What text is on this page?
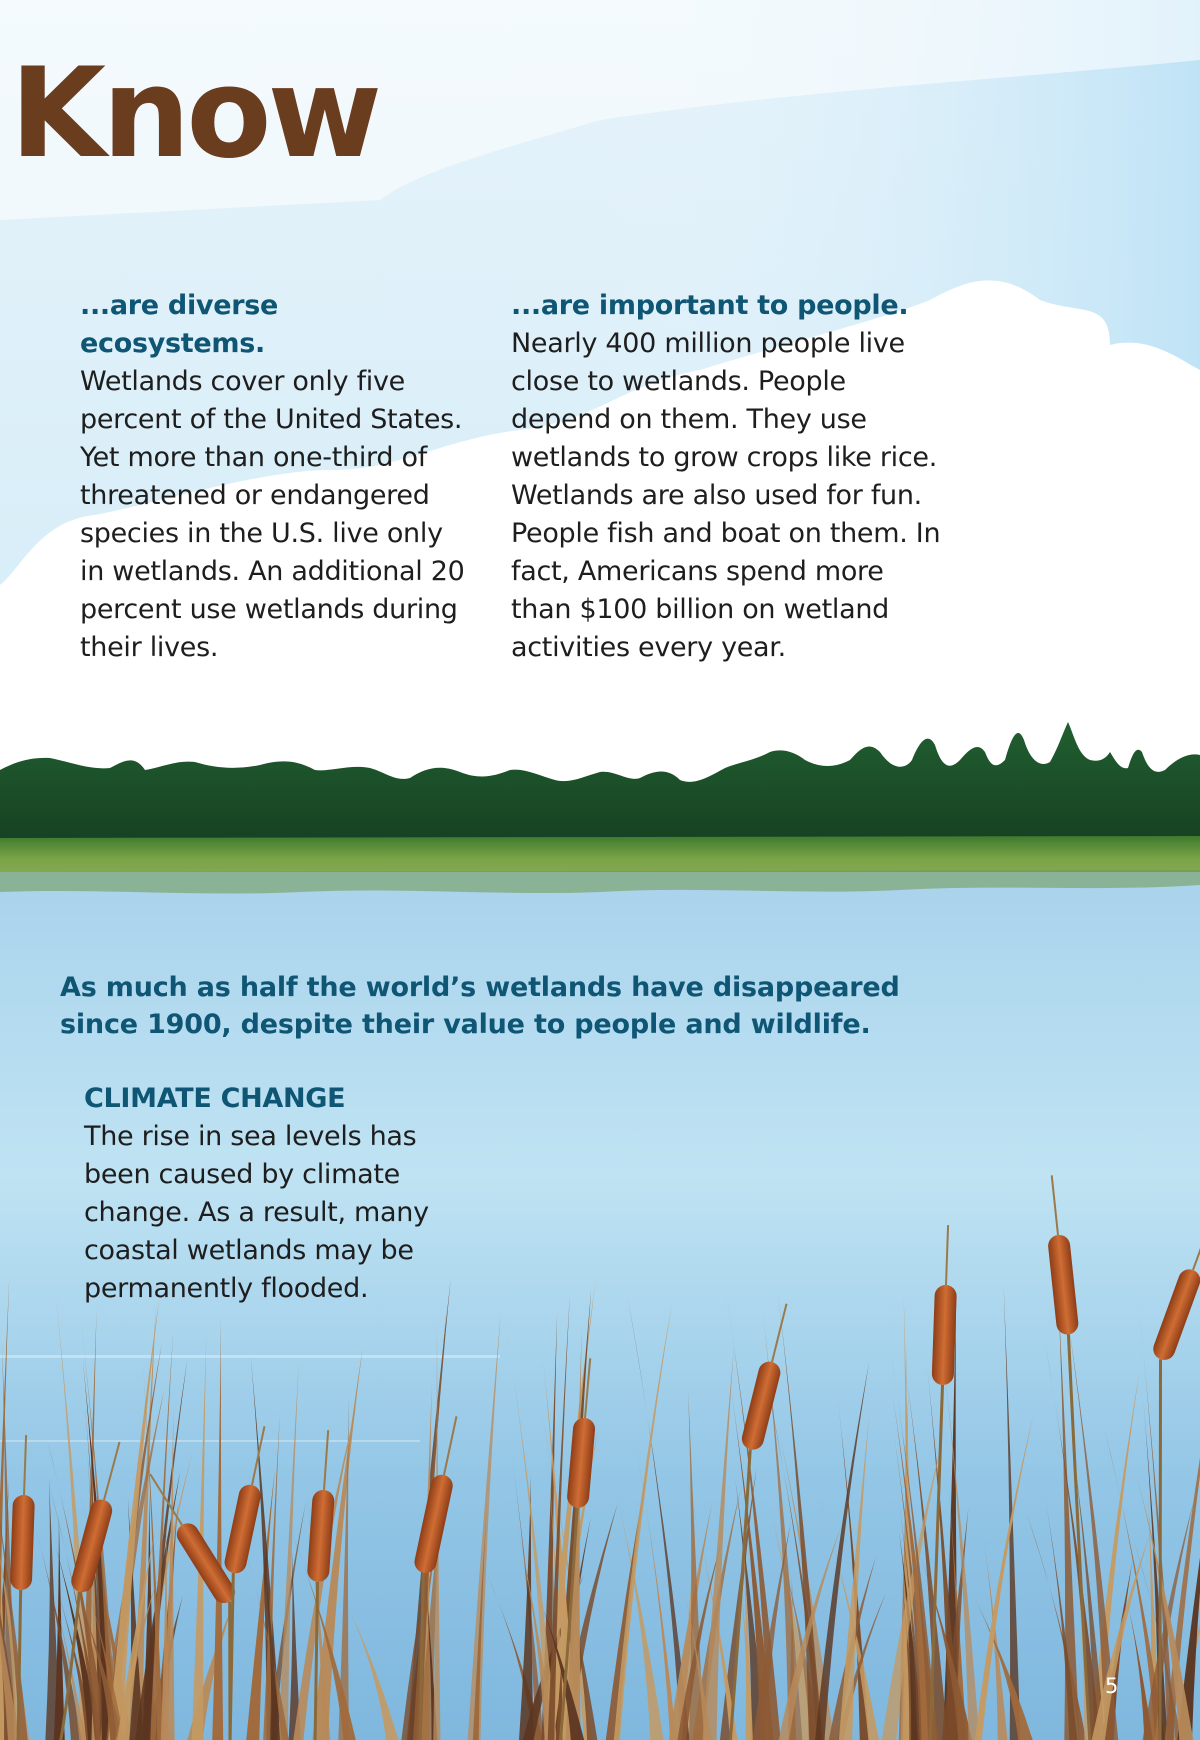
Know

...are diverse ecosystems.
Wetlands cover only five percent of the United States. Yet more than one-third of threatened or endangered species in the U.S. live only in wetlands. An additional 20 percent use wetlands during their lives.

...are important to people.
Nearly 400 million people live close to wetlands. People depend on them. They use wetlands to grow crops like rice. Wetlands are also used for fun. People fish and boat on them. In fact, Americans spend more than $100 billion on wetland activities every year.

As much as half the world’s wetlands have disappeared since 1900, despite their value to people and wildlife.

CLIMATE CHANGE
The rise in sea levels has been caused by climate change. As a result, many coastal wetlands may be permanently flooded.

5
